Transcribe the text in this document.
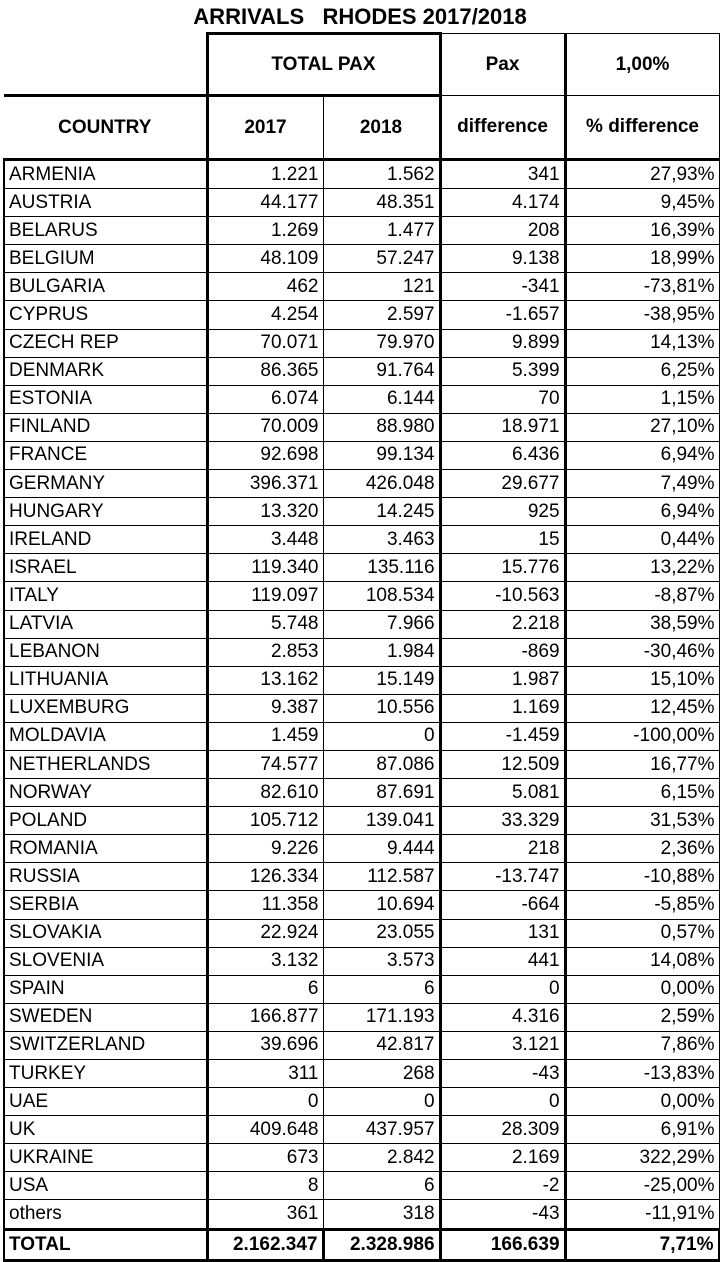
ARRIVALS   RHODES 2017/2018
	TOTAL PAX		Pax	1,00%
COUNTRY	2017	2018	difference	% difference
ARMENIA	1.221	1.562	341	27,93%
AUSTRIA	44.177	48.351	4.174	9,45%
BELARUS	1.269	1.477	208	16,39%
BELGIUM	48.109	57.247	9.138	18,99%
BULGARIA	462	121	-341	-73,81%
CYPRUS	4.254	2.597	-1.657	-38,95%
CZECH REP	70.071	79.970	9.899	14,13%
DENMARK	86.365	91.764	5.399	6,25%
ESTONIA	6.074	6.144	70	1,15%
FINLAND	70.009	88.980	18.971	27,10%
FRANCE	92.698	99.134	6.436	6,94%
GERMANY	396.371	426.048	29.677	7,49%
HUNGARY	13.320	14.245	925	6,94%
IRELAND	3.448	3.463	15	0,44%
ISRAEL	119.340	135.116	15.776	13,22%
ITALY	119.097	108.534	-10.563	-8,87%
LATVIA	5.748	7.966	2.218	38,59%
LEBANON	2.853	1.984	-869	-30,46%
LITHUANIA	13.162	15.149	1.987	15,10%
LUXEMBURG	9.387	10.556	1.169	12,45%
MOLDAVIA	1.459	0	-1.459	-100,00%
NETHERLANDS	74.577	87.086	12.509	16,77%
NORWAY	82.610	87.691	5.081	6,15%
POLAND	105.712	139.041	33.329	31,53%
ROMANIA	9.226	9.444	218	2,36%
RUSSIA	126.334	112.587	-13.747	-10,88%
SERBIA	11.358	10.694	-664	-5,85%
SLOVAKIA	22.924	23.055	131	0,57%
SLOVENIA	3.132	3.573	441	14,08%
SPAIN	6	6	0	0,00%
SWEDEN	166.877	171.193	4.316	2,59%
SWITZERLAND	39.696	42.817	3.121	7,86%
TURKEY	311	268	-43	-13,83%
UAE	0	0	0	0,00%
UK	409.648	437.957	28.309	6,91%
UKRAINE	673	2.842	2.169	322,29%
USA	8	6	-2	-25,00%
others	361	318	-43	-11,91%
TOTAL	2.162.347	2.328.986	166.639	7,71%
